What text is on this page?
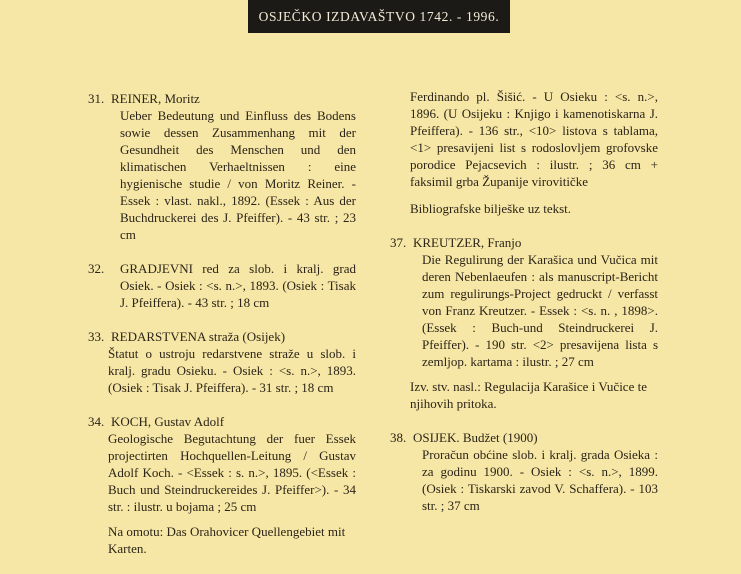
OSJEČKO IZDAVAŠTVO 1742. - 1996.
31. REINER, Moritz
Ueber Bedeutung und Einfluss des Bodens sowie dessen Zusammenhang mit der Gesundheit des Menschen und den klimatischen Verhaeltnissen : eine hygienische studie / von Moritz Reiner. - Essek : vlast. nakl., 1892. (Essek : Aus der Buchdruckerei des J. Pfeiffer). - 43 str. ; 23 cm
32.	GRADJEVNI red za slob. i kralj. grad Osiek. - Osiek : <s. n.>, 1893. (Osiek : Tisak J. Pfeiffera). - 43 str. ; 18 cm
33. REDARSTVENA straža (Osijek)
Štatut o ustroju redarstvene straže u slob. i kralj. gradu Osieku. - Osiek : <s. n.>, 1893. (Osiek : Tisak J. Pfeiffera). - 31 str. ; 18 cm
34. KOCH, Gustav Adolf
Geologische Begutachtung der fuer Essek projectirten Hochquellen-Leitung / Gustav Adolf Koch. - <Essek : s. n.>, 1895. (<Essek : Buch und Steindruckereides J. Pfeiffer>). - 34 str. : ilustr. u bojama ; 25 cm
Na omotu: Das Orahovicer Quellengebiet mit Karten.
Ferdinando pl. Šišić. - U Osieku : <s. n.>, 1896. (U Osijeku : Knjigo i kamenotiskarna J. Pfeiffera). - 136 str., <10> listova s tablama, <1> presavijeni list s rodoslovljem grofovske porodice Pejacsevich : ilustr. ; 36 cm + faksimil grba Županije virovitičke
Bibliografske bilješke uz tekst.
37. KREUTZER, Franjo
Die Regulirung der Karašica und Vučica mit deren Nebenlaeufen : als manuscript-Bericht zum regulirungs-Project gedruckt / verfasst von Franz Kreutzer. - Essek : <s. n. , 1898>. (Essek : Buch-und Steindruckerei J. Pfeiffer). - 190 str. <2> presavijena lista s zemljop. kartama : ilustr. ; 27 cm
Izv. stv. nasl.: Regulacija Karašice i Vučice te njihovih pritoka.
38. OSIJEK. Budžet (1900)
Proračun obćine slob. i kralj. grada Osieka : za godinu 1900. - Osiek : <s. n.>, 1899. (Osiek : Tiskarski zavod V. Schaffera). - 103 str. ; 37 cm
